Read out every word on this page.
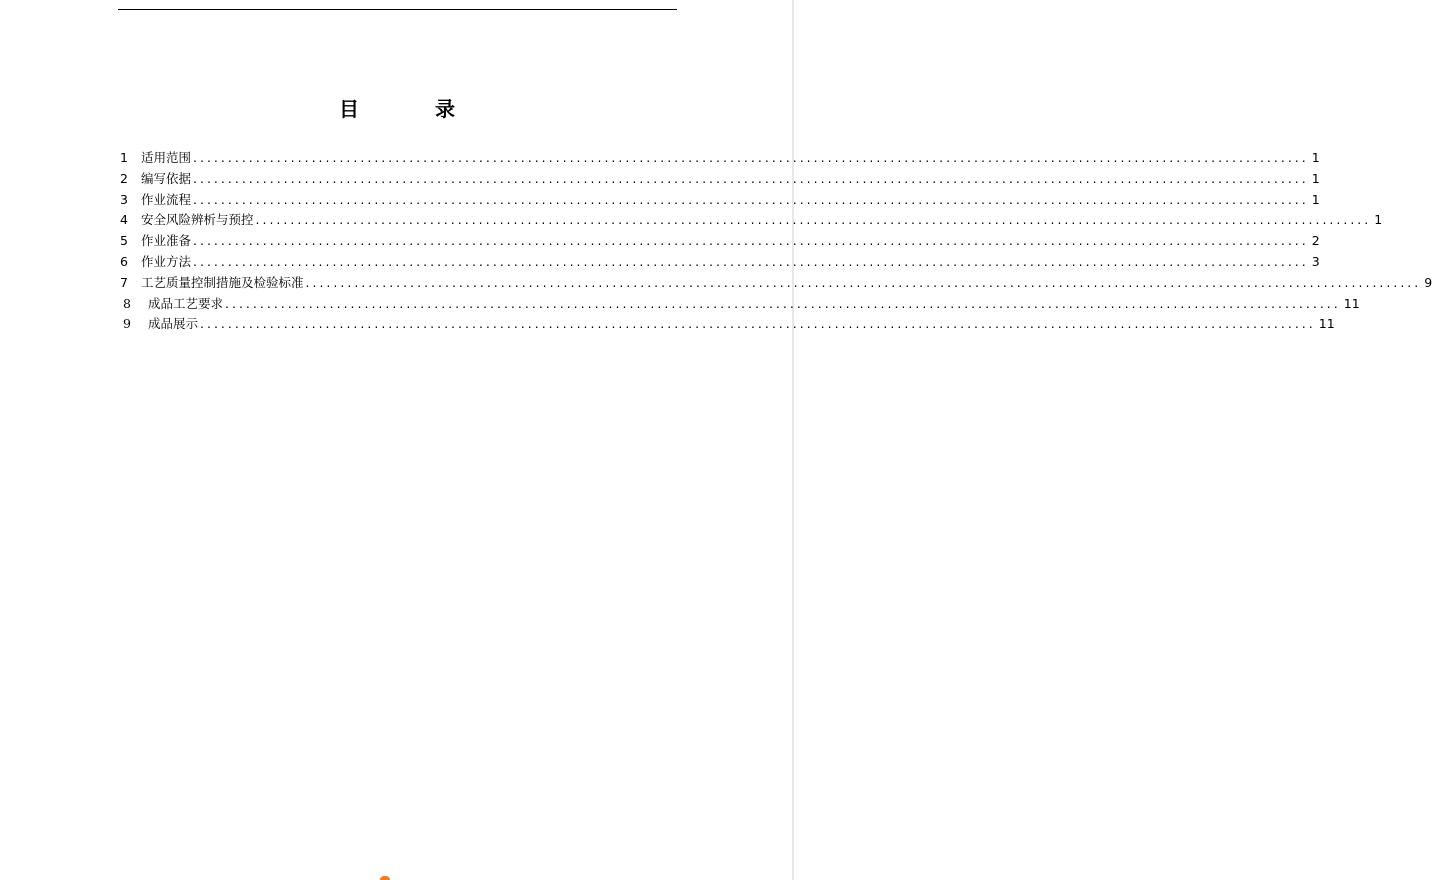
目	录
1	适用范围 ................................................................................................................................................................ 1
2	编写依据 ................................................................................................................................................................ 1
3	作业流程 ................................................................................................................................................................ 1
4	安全风险辨析与预控 ................................................................................................................................................................ 1
5	作业准备 ................................................................................................................................................................ 2
6	作业方法 ................................................................................................................................................................ 3
7	工艺质量控制措施及检验标准 ................................................................................................................................................................ 9
8	成品工艺要求 ................................................................................................................................................................ 11
9	成品展示 ................................................................................................................................................................ 11
